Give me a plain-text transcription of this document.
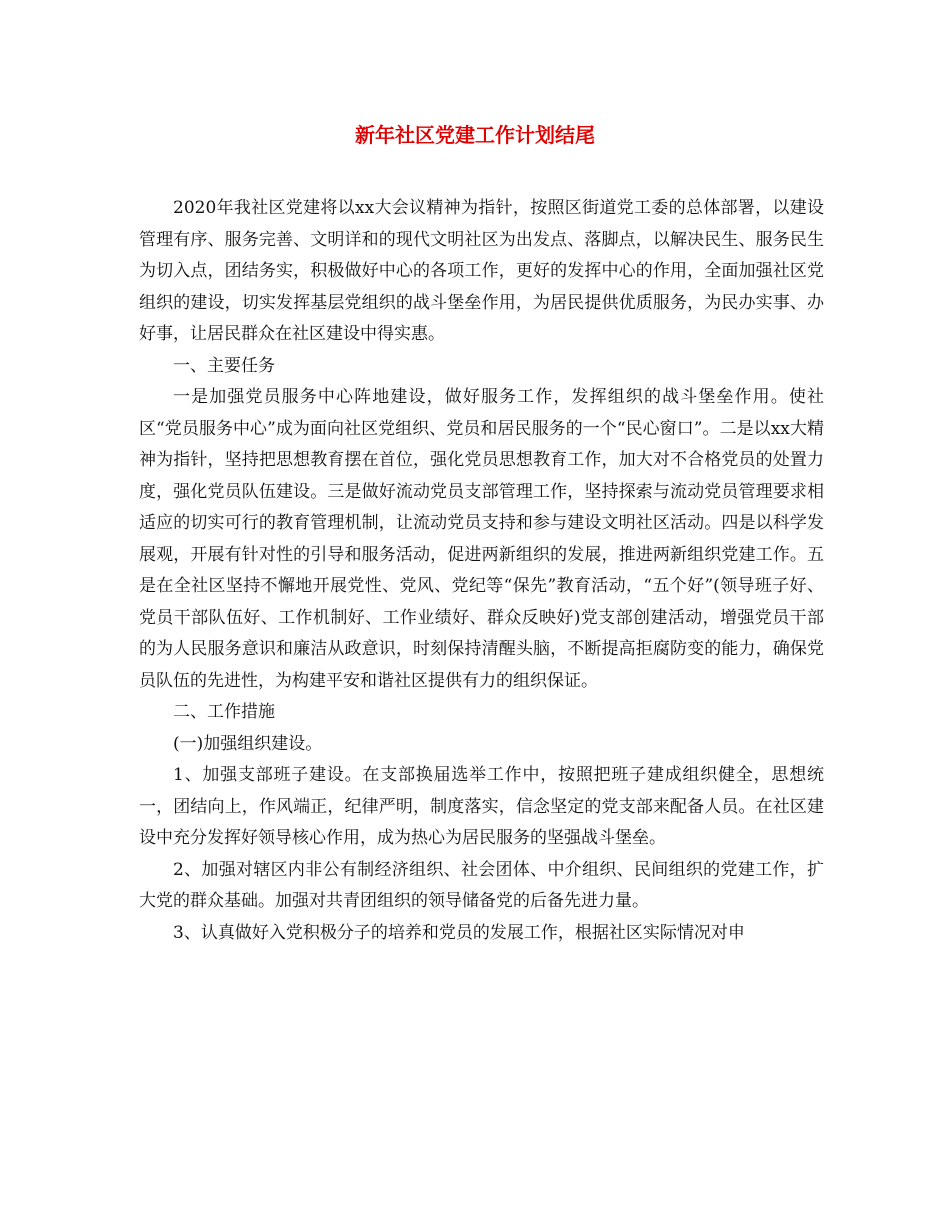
新年社区党建工作计划结尾

2020年我社区党建将以xx大会议精神为指针，按照区街道党工委的总体部署，以建设管理有序、服务完善、文明详和的现代文明社区为出发点、落脚点，以解决民生、服务民生为切入点，团结务实，积极做好中心的各项工作，更好的发挥中心的作用，全面加强社区党组织的建设，切实发挥基层党组织的战斗堡垒作用，为居民提供优质服务，为民办实事、办好事，让居民群众在社区建设中得实惠。

一、主要任务

一是加强党员服务中心阵地建设，做好服务工作，发挥组织的战斗堡垒作用。使社区“党员服务中心”成为面向社区党组织、党员和居民服务的一个“民心窗口”。二是以xx大精神为指针，坚持把思想教育摆在首位，强化党员思想教育工作，加大对不合格党员的处置力度，强化党员队伍建设。三是做好流动党员支部管理工作，坚持探索与流动党员管理要求相适应的切实可行的教育管理机制，让流动党员支持和参与建设文明社区活动。四是以科学发展观，开展有针对性的引导和服务活动，促进两新组织的发展，推进两新组织党建工作。五是在全社区坚持不懈地开展党性、党风、党纪等“保先”教育活动，“五个好”(领导班子好、党员干部队伍好、工作机制好、工作业绩好、群众反映好)党支部创建活动，增强党员干部的为人民服务意识和廉洁从政意识，时刻保持清醒头脑，不断提高拒腐防变的能力，确保党员队伍的先进性，为构建平安和谐社区提供有力的组织保证。

二、工作措施

(一)加强组织建设。

1、加强支部班子建设。在支部换届选举工作中，按照把班子建成组织健全，思想统一，团结向上，作风端正，纪律严明，制度落实，信念坚定的党支部来配备人员。在社区建设中充分发挥好领导核心作用，成为热心为居民服务的坚强战斗堡垒。

2、加强对辖区内非公有制经济组织、社会团体、中介组织、民间组织的党建工作，扩大党的群众基础。加强对共青团组织的领导储备党的后备先进力量。

3、认真做好入党积极分子的培养和党员的发展工作，根据社区实际情况对申
